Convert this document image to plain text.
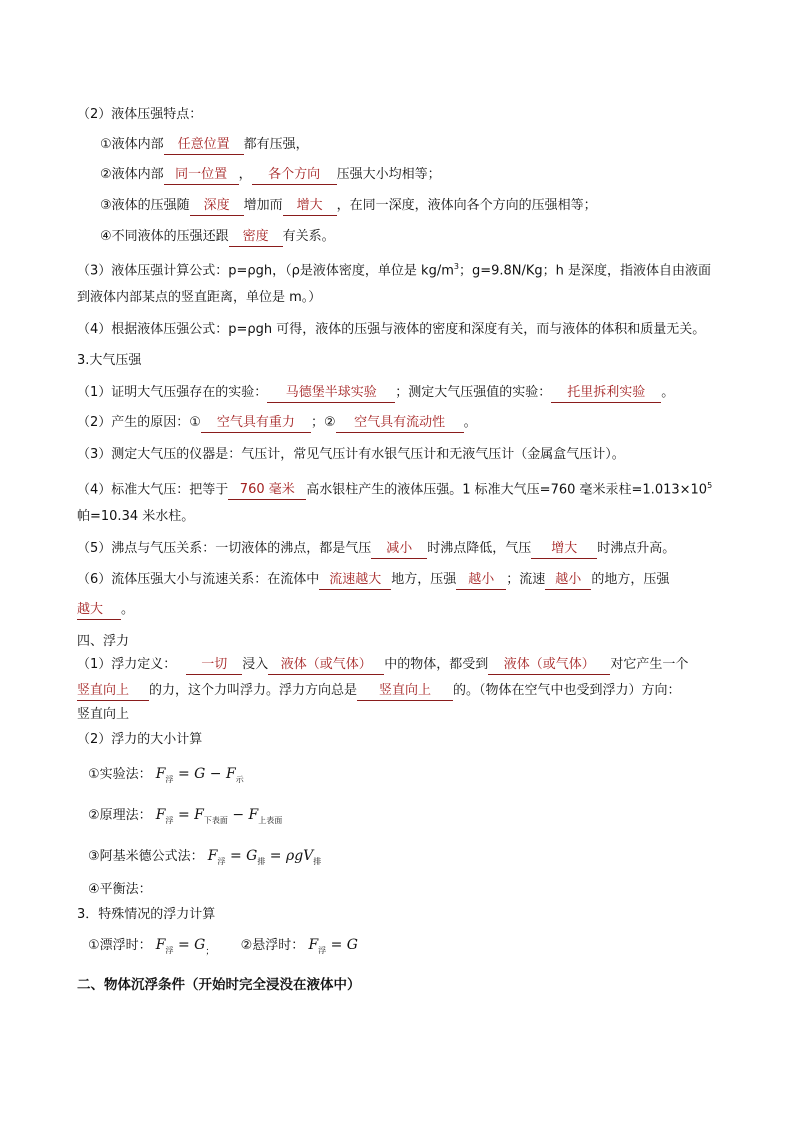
（2）液体压强特点：
①液体内部 任意位置 都有压强，
②液体内部 同一位置 ， 各个方向 压强大小均相等；
③液体的压强随 深度 增加而 增大 ，在同一深度，液体向各个方向的压强相等；
④不同液体的压强还跟 密度 有关系。
（3）液体压强计算公式：p=ρgh，（ρ是液体密度，单位是 $kg/m^3$；g=9.8N/Kg；h 是深度，指液体自由液面
到液体内部某点的竖直距离，单位是 m。）
（4）根据液体压强公式：p=ρgh 可得，液体的压强与液体的密度和深度有关，而与液体的体积和质量无关。
3.大气压强
（1）证明大气压强存在的实验： 马德堡半球实验 ；测定大气压强值的实验： 托里拆利实验 。
（2）产生的原因：① 空气具有重力 ；② 空气具有流动性 。
（3）测定大气压的仪器是：气压计，常见气压计有水银气压计和无液气压计（金属盒气压计）。
（4）标准大气压：把等于 760 毫米 高水银柱产生的液体压强。1 标准大气压=760 毫米汞柱$=1.013\times 10^5$
帕=10.34 米水柱。
（5）沸点与气压关系：一切液体的沸点，都是气压 减小 时沸点降低，气压 增大 时沸点升高。
（6）流体压强大小与流速关系：在流体中 流速越大 地方，压强 越小 ；流速 越小 的地方，压强
越大 。
四、浮力
（1）浮力定义： 一切 浸入 液体（或气体） 中的物体，都受到 液体（或气体） 对它产生一个
竖直向上 的力，这个力叫浮力。浮力方向总是 竖直向上 的。（物体在空气中也受到浮力）方向：
竖直向上
（2）浮力的大小计算
①实验法： $F_浮 = G - F_示$
②原理法： $F_浮 = F_{下表面} - F_{上表面}$
③阿基米德公式法： $F_浮 = G_排 = \rho gV_排$
④平衡法：
3．特殊情况的浮力计算
①漂浮时： $F_浮 = G_;$ ②悬浮时： $F_浮 = G$
二、物体沉浮条件（开始时完全浸没在液体中）
